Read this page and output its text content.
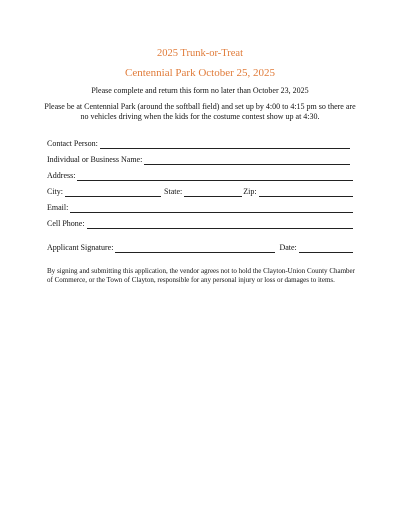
2025 Trunk-or-Treat
Centennial Park October 25, 2025
Please complete and return this form no later than October 23, 2025
Please be at Centennial Park (around the softball field) and set up by 4:00 to 4:15 pm so there are no vehicles driving when the kids for the costume contest show up at 4:30.
Contact Person:
Individual or Business Name:
Address:
City:	State:	Zip:
Email:
Cell Phone:
Applicant Signature:	Date:
By signing and submitting this application, the vendor agrees not to hold the Clayton-Union County Chamber of Commerce, or the Town of Clayton, responsible for any personal injury or loss or damages to items.
